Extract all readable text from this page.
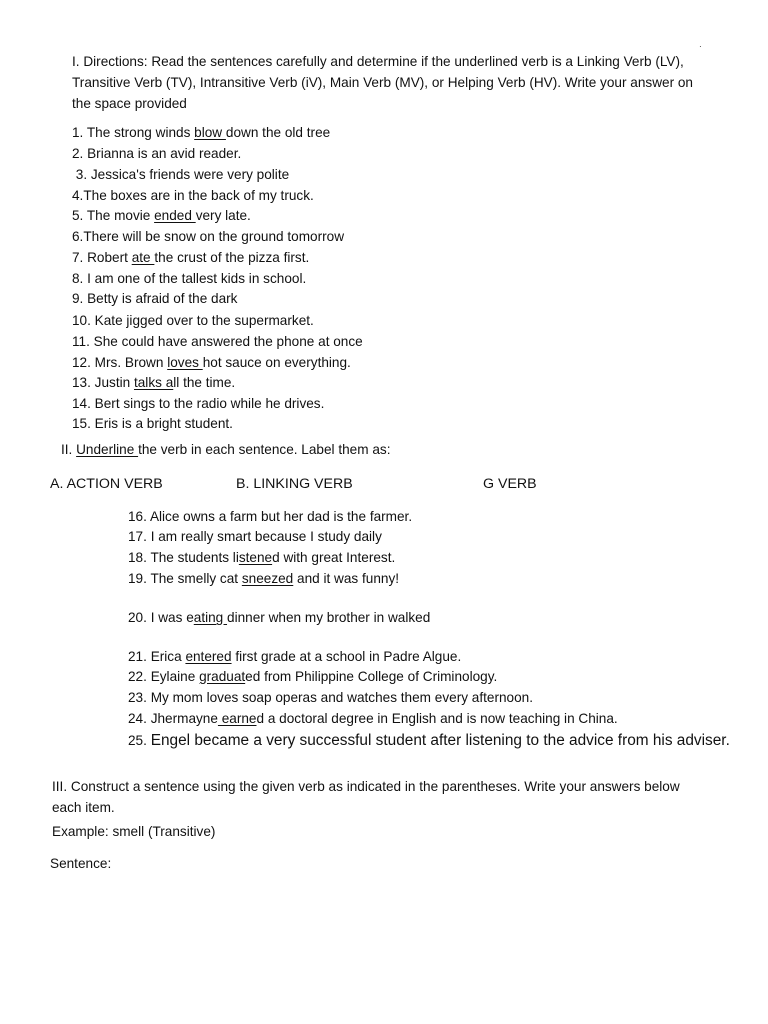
·
I. Directions: Read the sentences carefully and determine if the underlined verb is a Linking Verb (LV), Transitive Verb (TV), Intransitive Verb (iV), Main Verb (MV), or Helping Verb (HV). Write your answer on the space provided
1. The strong winds blow down the old tree
2. Brianna is an avid reader.
3. Jessica's friends were very polite
4.The boxes are in the back of my truck.
5. The movie ended very late.
6.There will be snow on the ground tomorrow
7. Robert ate the crust of the pizza first.
8. I am one of the tallest kids in school.
9. Betty is afraid of the dark
10. Kate jigged over to the supermarket.
11. She could have answered the phone at once
12. Mrs. Brown loves hot sauce on everything.
13. Justin talks all the time.
14. Bert sings to the radio while he drives.
15. Eris is a bright student.
II. Underline the verb in each sentence. Label them as:
A. ACTION VERB	B. LINKING VERB	G VERB
16. Alice owns a farm but her dad is the farmer.
17. I am really smart because I study daily
18. The students listened with great Interest.
19. The smelly cat sneezed and it was funny!
20. I was eating dinner when my brother in walked
21. Erica entered first grade at a school in Padre Algue.
22. Eylaine graduated from Philippine College of Criminology.
23. My mom loves soap operas and watches them every afternoon.
24. Jhermayne earned a doctoral degree in English and is now teaching in China.
25. Engel became a very successful student after listening to the advice from his adviser.
III. Construct a sentence using the given verb as indicated in the parentheses. Write your answers below each item.
Example: smell (Transitive)
Sentence:
